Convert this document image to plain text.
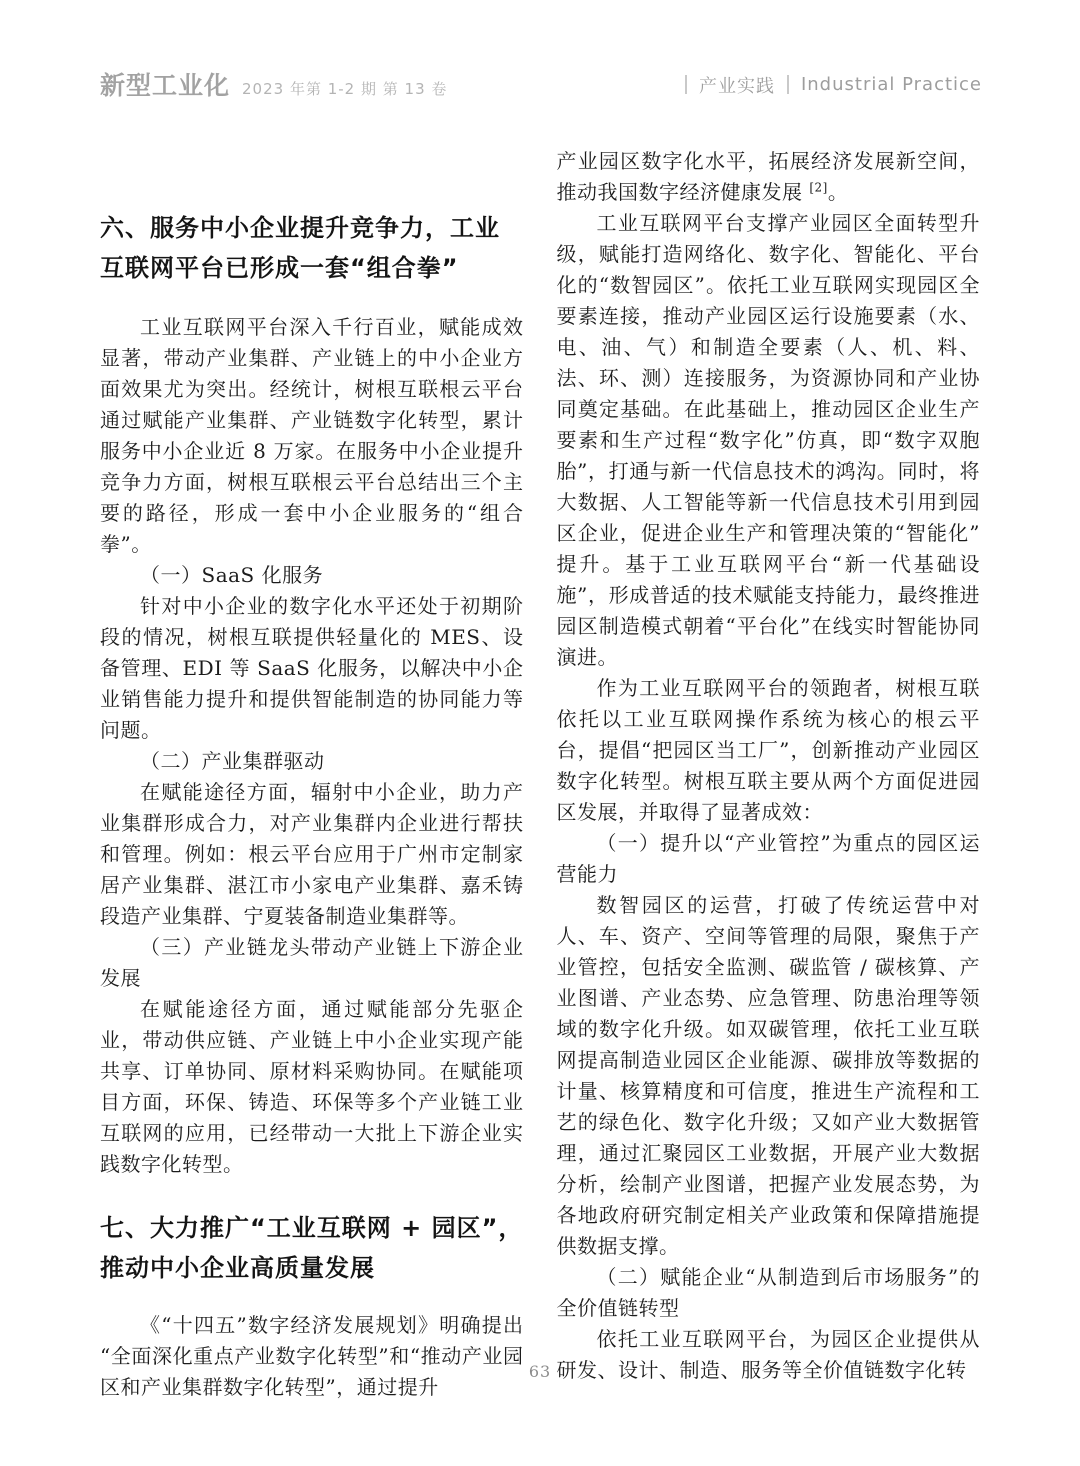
新型工业化 2023 年第 1-2 期 第 13 卷	产业实践 Industrial Practice
六、服务中小企业提升竞争力，工业互联网平台已形成一套“组合拳”

工业互联网平台深入千行百业，赋能成效显著，带动产业集群、产业链上的中小企业方面效果尤为突出。经统计，树根互联根云平台通过赋能产业集群、产业链数字化转型，累计服务中小企业近 8 万家。在服务中小企业提升竞争力方面，树根互联根云平台总结出三个主要的路径，形成一套中小企业服务的“组合拳”。

（一）SaaS 化服务

针对中小企业的数字化水平还处于初期阶段的情况，树根互联提供轻量化的 MES、设备管理、EDI 等 SaaS 化服务，以解决中小企业销售能力提升和提供智能制造的协同能力等问题。

（二）产业集群驱动

在赋能途径方面，辐射中小企业，助力产业集群形成合力，对产业集群内企业进行帮扶和管理。例如：根云平台应用于广州市定制家居产业集群、湛江市小家电产业集群、嘉禾铸段造产业集群、宁夏装备制造业集群等。

（三）产业链龙头带动产业链上下游企业发展

在赋能途径方面，通过赋能部分先驱企业，带动供应链、产业链上中小企业实现产能共享、订单协同、原材料采购协同。在赋能项目方面，环保、铸造、环保等多个产业链工业互联网的应用，已经带动一大批上下游企业实践数字化转型。

七、大力推广“工业互联网 + 园区”，推动中小企业高质量发展

《“十四五”数字经济发展规划》明确提出“全面深化重点产业数字化转型”和“推动产业园区和产业集群数字化转型”，通过提升

产业园区数字化水平，拓展经济发展新空间，推动我国数字经济健康发展 [2]。

工业互联网平台支撑产业园区全面转型升级，赋能打造网络化、数字化、智能化、平台化的“数智园区”。依托工业互联网实现园区全要素连接，推动产业园区运行设施要素（水、电、油、气）和制造全要素（人、机、料、法、环、测）连接服务，为资源协同和产业协同奠定基础。在此基础上，推动园区企业生产要素和生产过程“数字化”仿真，即“数字双胞胎”，打通与新一代信息技术的鸿沟。同时，将大数据、人工智能等新一代信息技术引用到园区企业，促进企业生产和管理决策的“智能化”提升。基于工业互联网平台“新一代基础设施”，形成普适的技术赋能支持能力，最终推进园区制造模式朝着“平台化”在线实时智能协同演进。

作为工业互联网平台的领跑者，树根互联依托以工业互联网操作系统为核心的根云平台，提倡“把园区当工厂”，创新推动产业园区数字化转型。树根互联主要从两个方面促进园区发展，并取得了显著成效：

（一）提升以“产业管控”为重点的园区运营能力

数智园区的运营，打破了传统运营中对人、车、资产、空间等管理的局限，聚焦于产业管控，包括安全监测、碳监管 / 碳核算、产业图谱、产业态势、应急管理、防患治理等领域的数字化升级。如双碳管理，依托工业互联网提高制造业园区企业能源、碳排放等数据的计量、核算精度和可信度，推进生产流程和工艺的绿色化、数字化升级；又如产业大数据管理，通过汇聚园区工业数据，开展产业大数据分析，绘制产业图谱，把握产业发展态势，为各地政府研究制定相关产业政策和保障措施提供数据支撑。

（二）赋能企业“从制造到后市场服务”的全价值链转型

依托工业互联网平台，为园区企业提供从研发、设计、制造、服务等全价值链数字化转

63
